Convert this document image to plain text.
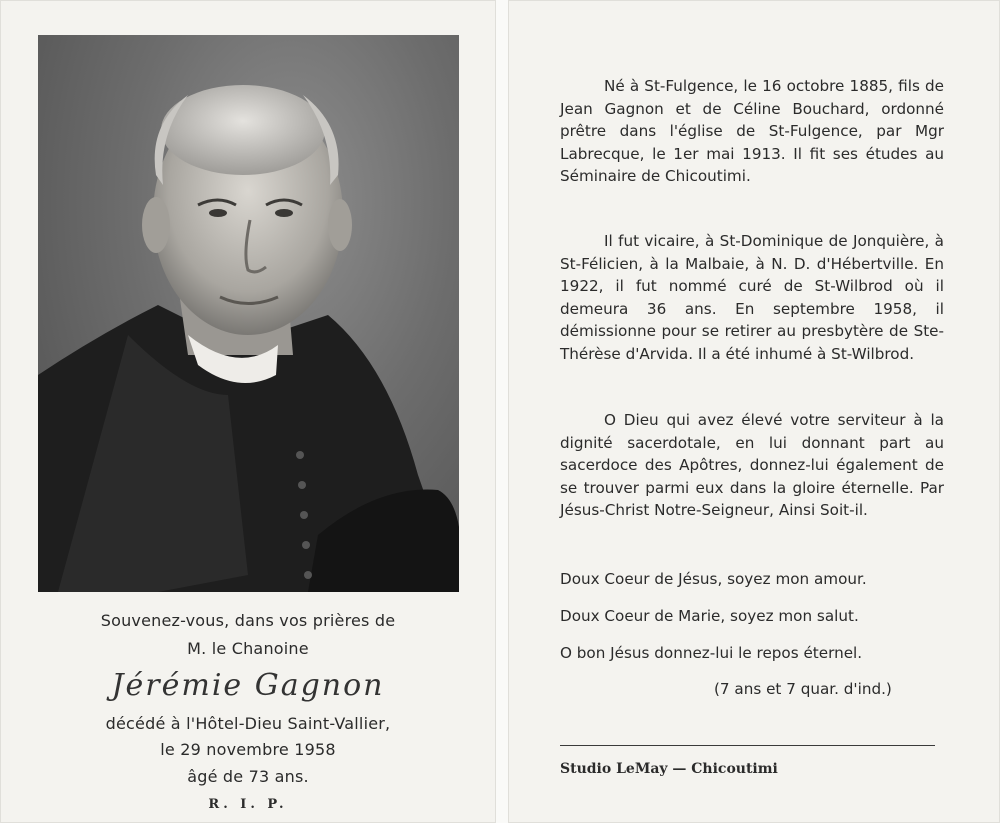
Souvenez-vous, dans vos prières de
M. le Chanoine
Jérémie Gagnon
décédé à l'Hôtel-Dieu Saint-Vallier,
le 29 novembre 1958
âgé de 73 ans.
R. I. P.

Né à St-Fulgence, le 16 octobre 1885, fils de Jean Gagnon et de Céline Bouchard, ordonné prêtre dans l'église de St-Fulgence, par Mgr Labrecque, le 1er mai 1913. Il fit ses études au Séminaire de Chicoutimi.

Il fut vicaire, à St-Dominique de Jonquière, à St-Félicien, à la Malbaie, à N. D. d'Hébertville. En 1922, il fut nommé curé de St-Wilbrod où il demeura 36 ans. En septembre 1958, il démissionne pour se retirer au presbytère de Ste-Thérèse d'Arvida. Il a été inhumé à St-Wilbrod.

O Dieu qui avez élevé votre serviteur à la dignité sacerdotale, en lui donnant part au sacerdoce des Apôtres, donnez-lui également de se trouver parmi eux dans la gloire éternelle. Par Jésus-Christ Notre-Seigneur, Ainsi Soit-il.

Doux Coeur de Jésus, soyez mon amour.
Doux Coeur de Marie, soyez mon salut.
O bon Jésus donnez-lui le repos éternel.
(7 ans et 7 quar. d'ind.)
Studio LeMay — Chicoutimi
